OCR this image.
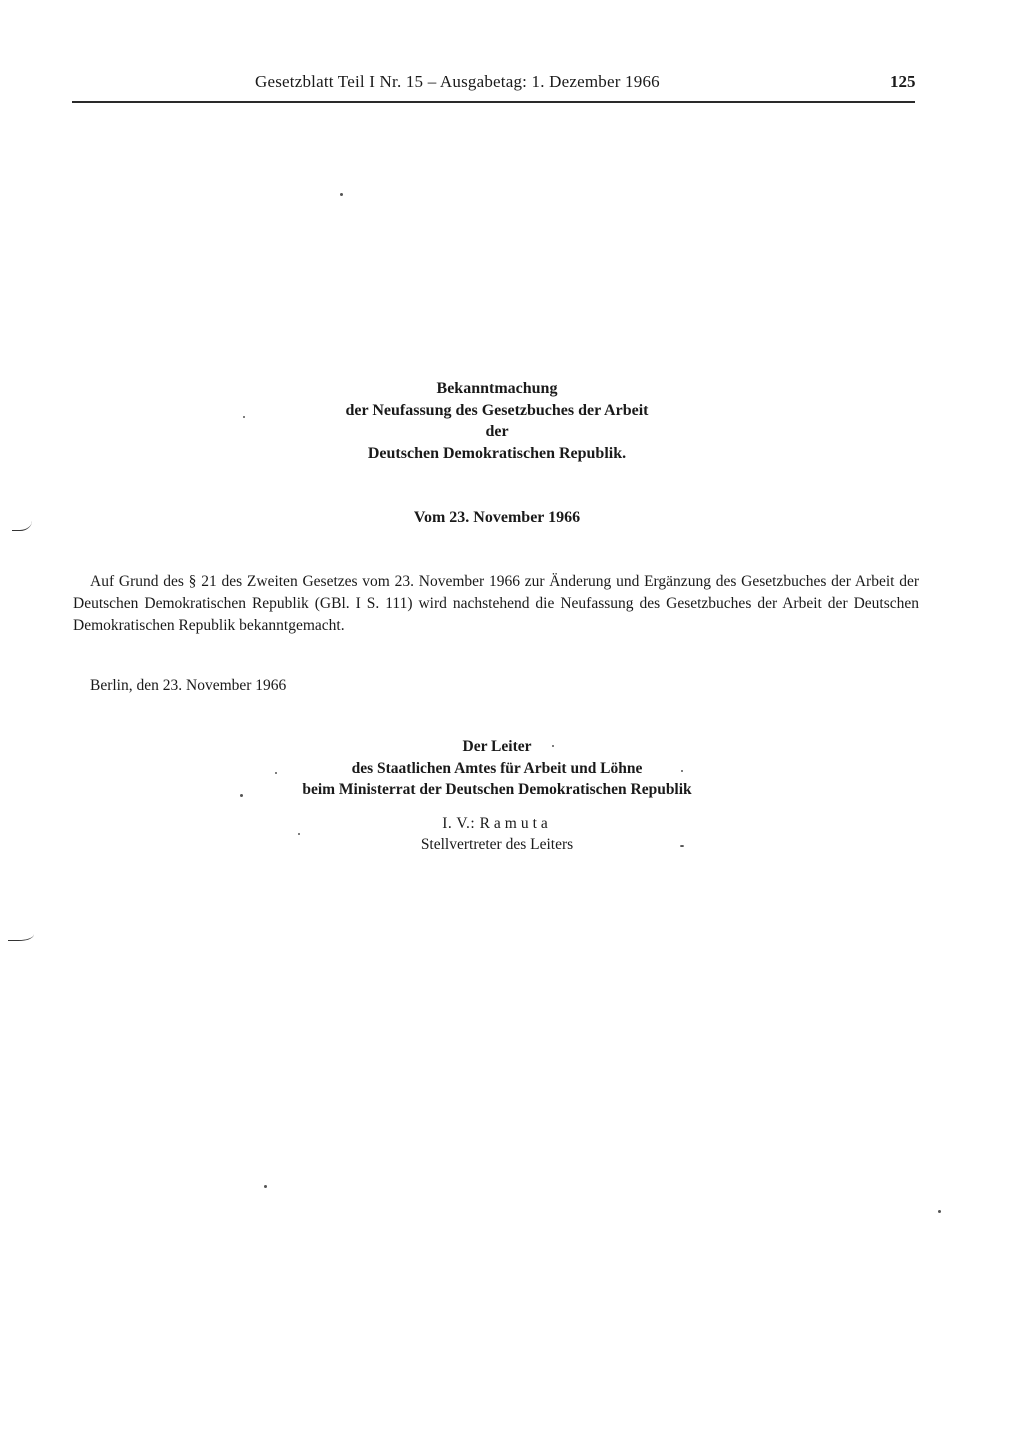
Gesetzblatt Teil I Nr. 15 – Ausgabetag: 1. Dezember 1966	125
Bekanntmachung
der Neufassung des Gesetzbuches der Arbeit
der
Deutschen Demokratischen Republik.
Vom 23. November 1966
Auf Grund des § 21 des Zweiten Gesetzes vom 23. November 1966 zur Änderung und Ergänzung des Gesetzbuches der Arbeit der Deutschen Demokratischen Republik (GBl. I S. 111) wird nachstehend die Neufassung des Gesetzbuches der Arbeit der Deutschen Demokratischen Republik bekanntgemacht.
Berlin, den 23. November 1966
Der Leiter
des Staatlichen Amtes für Arbeit und Löhne
beim Ministerrat der Deutschen Demokratischen Republik
I. V.: Ramuta
Stellvertreter des Leiters
